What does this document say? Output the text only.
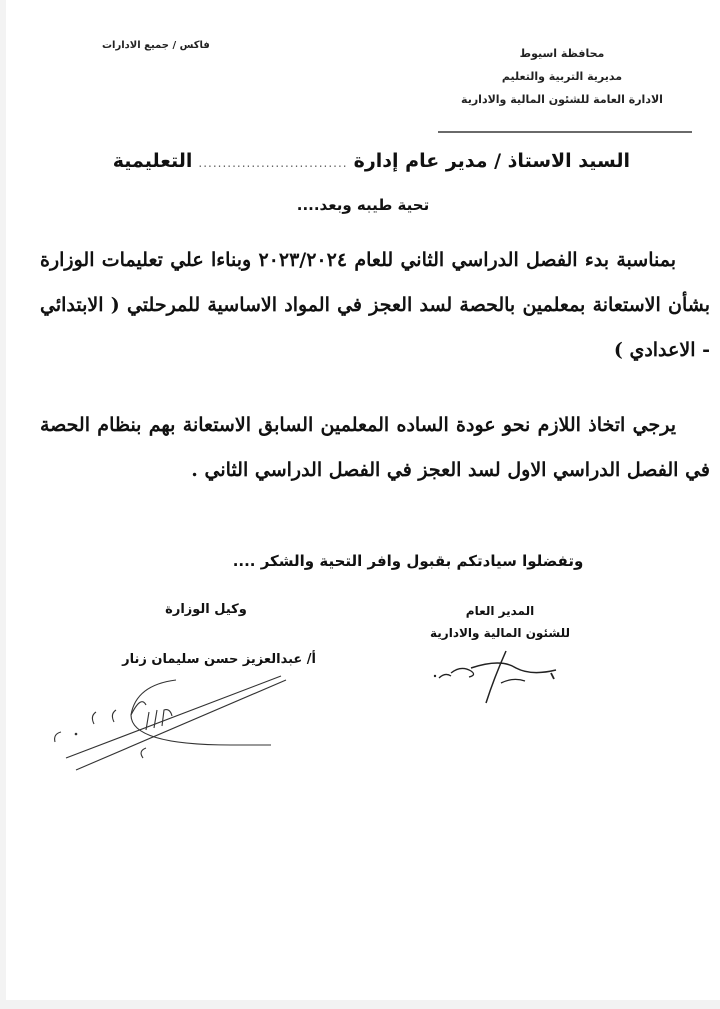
محافظة اسيوط
مديرية التربية والتعليم
الادارة العامة للشئون المالية والادارية
فاكس / جميع الادارات
السيد الاستاذ / مدير عام إدارة
...............................
التعليمية
تحية طيبه وبعد....
بمناسبة بدء الفصل الدراسي الثاني للعام ٢٠٢٣/٢٠٢٤ وبناءا علي تعليمات الوزارة بشأن الاستعانة بمعلمين بالحصة لسد العجز في المواد الاساسية للمرحلتي ( الابتدائي - الاعدادي )
يرجي اتخاذ اللازم نحو عودة الساده المعلمين السابق الاستعانة بهم بنظام الحصة في الفصل الدراسي الاول لسد العجز في الفصل الدراسي الثاني .
وتفضلوا سيادتكم بقبول وافر التحية والشكر ....
المدير العام
للشئون المالية والادارية
وكيل الوزارة
أ/ عبدالعزيز حسن سليمان زنار
